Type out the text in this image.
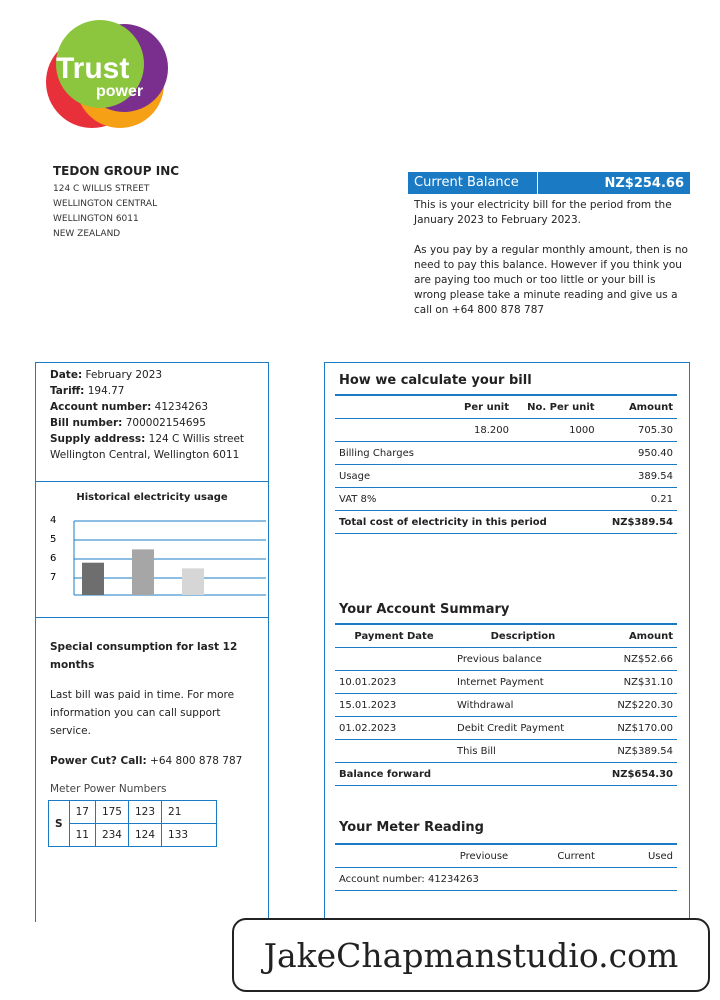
Trust
power
TEDON GROUP INC
124 C WILLIS STREET
WELLINGTON CENTRAL
WELLINGTON 6011
NEW ZEALAND
Current Balance	NZ$254.66

This is your electricity bill for the period from the January 2023 to February 2023.

As you pay by a regular monthly amount, then is no need to pay this balance. However if you think you are paying too much or too little or your bill is wrong please take a minute reading and give us a call on +64 800 878 787

Date: February 2023
Tariff: 194.77
Account number: 41234263
Bill number: 700002154695
Supply address: 124 C Willis street Wellington Central, Wellington 6011
Historical electricity usage
4
5
6
7
Special consumption for last 12 months

Last bill was paid in time. For more information you can call support service.

Power Cut? Call: +64 800 878 787

Meter Power Numbers
S	17	175	123	21
	11	234	124	133
How we calculate your bill
	Per unit	No. Per unit	Amount
	18.200	1000	705.30
Billing Charges			950.40
Usage			389.54
VAT 8%			0.21
Total cost of electricity in this period			NZ$389.54
Your Account Summary
Payment Date	Description	Amount
	Previous balance	NZ$52.66
10.01.2023	Internet Payment	NZ$31.10
15.01.2023	Withdrawal	NZ$220.30
01.02.2023	Debit Credit Payment	NZ$170.00
	This Bill	NZ$389.54
Balance forward		NZ$654.30
Your Meter Reading
	Previouse	Current	Used
Account number: 41234263
JakeChapmanstudio.com
